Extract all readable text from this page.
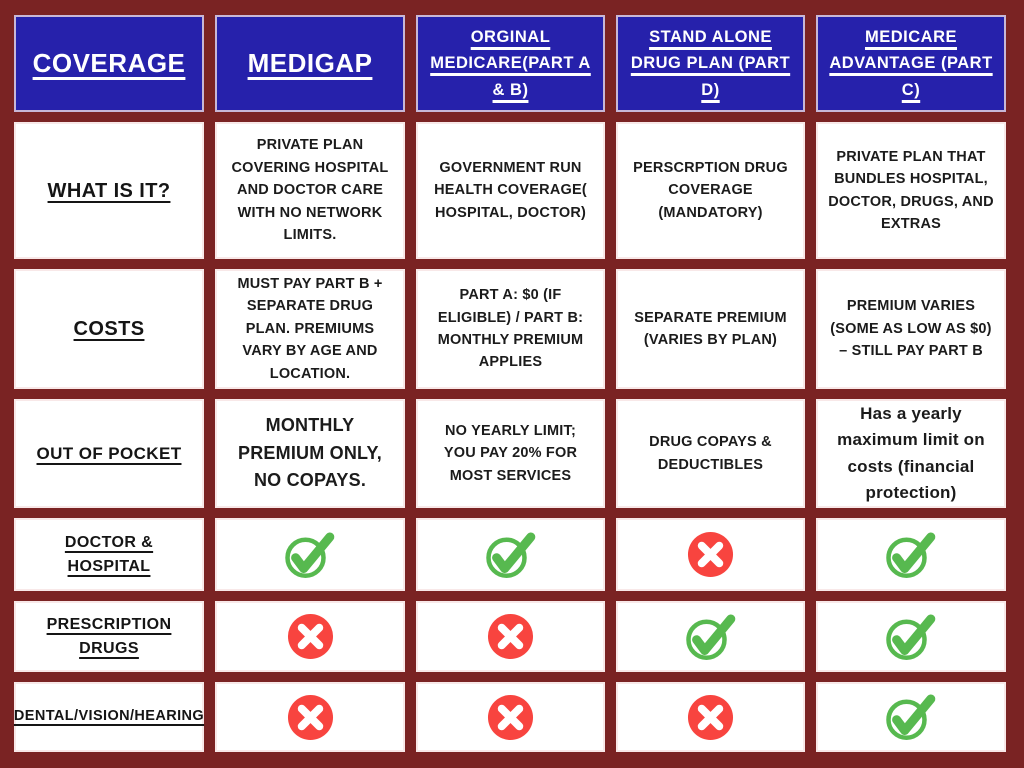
COVERAGE	MEDIGAP
ORGINAL MEDICARE(PART A & B)
STAND ALONE DRUG PLAN (PART D)
MEDICARE ADVANTAGE (PART C)
WHAT IS IT?
PRIVATE PLAN COVERING HOSPITAL AND DOCTOR CARE WITH NO NETWORK LIMITS.
GOVERNMENT RUN HEALTH COVERAGE( HOSPITAL, DOCTOR)
PERSCRPTION DRUG COVERAGE (MANDATORY)
PRIVATE PLAN THAT BUNDLES HOSPITAL, DOCTOR, DRUGS, AND EXTRAS
COSTS
MUST PAY PART B + SEPARATE DRUG PLAN. PREMIUMS VARY BY AGE AND LOCATION.
PART A: $0 (IF ELIGIBLE) / PART B: MONTHLY PREMIUM APPLIES
SEPARATE PREMIUM (VARIES BY PLAN)
PREMIUM VARIES (SOME AS LOW AS $0) – STILL PAY PART B
OUT OF POCKET
MONTHLY PREMIUM ONLY, NO COPAYS.
NO YEARLY LIMIT; YOU PAY 20% FOR MOST SERVICES
DRUG COPAYS & DEDUCTIBLES
Has a yearly maximum limit on costs (financial protection)
DOCTOR & HOSPITAL
PRESCRIPTION DRUGS
DENTAL/VISION/HEARING
